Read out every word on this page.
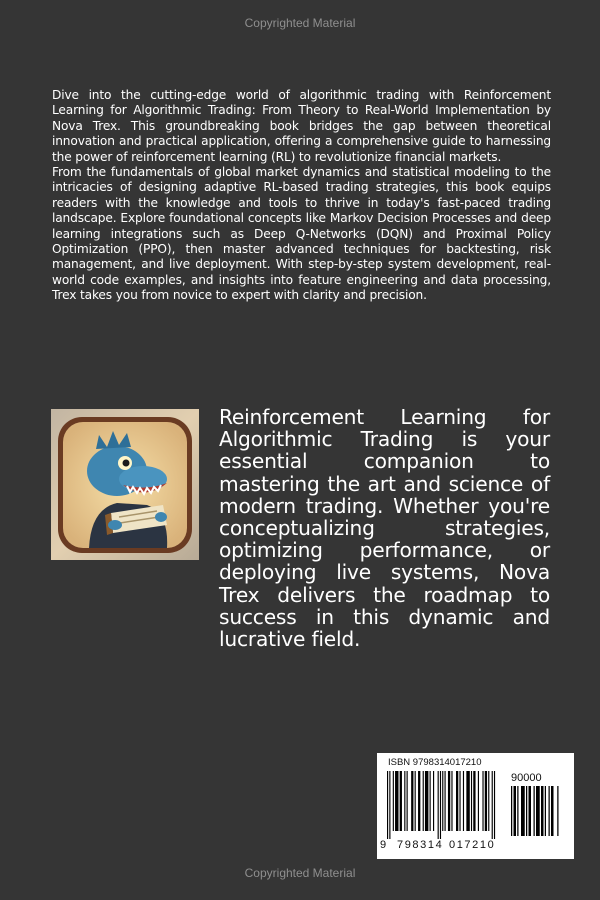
Copyrighted Material

Dive into the cutting-edge world of algorithmic trading with Reinforcement Learning for Algorithmic Trading: From Theory to Real-World Implementation by Nova Trex. This groundbreaking book bridges the gap between theoretical innovation and practical application, offering a comprehensive guide to harnessing the power of reinforcement learning (RL) to revolutionize financial markets.

From the fundamentals of global market dynamics and statistical modeling to the intricacies of designing adaptive RL-based trading strategies, this book equips readers with the knowledge and tools to thrive in today's fast-paced trading landscape. Explore foundational concepts like Markov Decision Processes and deep learning integrations such as Deep Q-Networks (DQN) and Proximal Policy Optimization (PPO), then master advanced techniques for backtesting, risk management, and live deployment. With step-by-step system development, real-world code examples, and insights into feature engineering and data processing, Trex takes you from novice to expert with clarity and precision.

Reinforcement Learning for Algorithmic Trading is your essential companion to mastering the art and science of modern trading. Whether you're conceptualizing strategies, optimizing performance, or deploying live systems, Nova Trex delivers the roadmap to success in this dynamic and lucrative field.
ISBN 9798314017210
90000
9 798314 017210
Copyrighted Material
